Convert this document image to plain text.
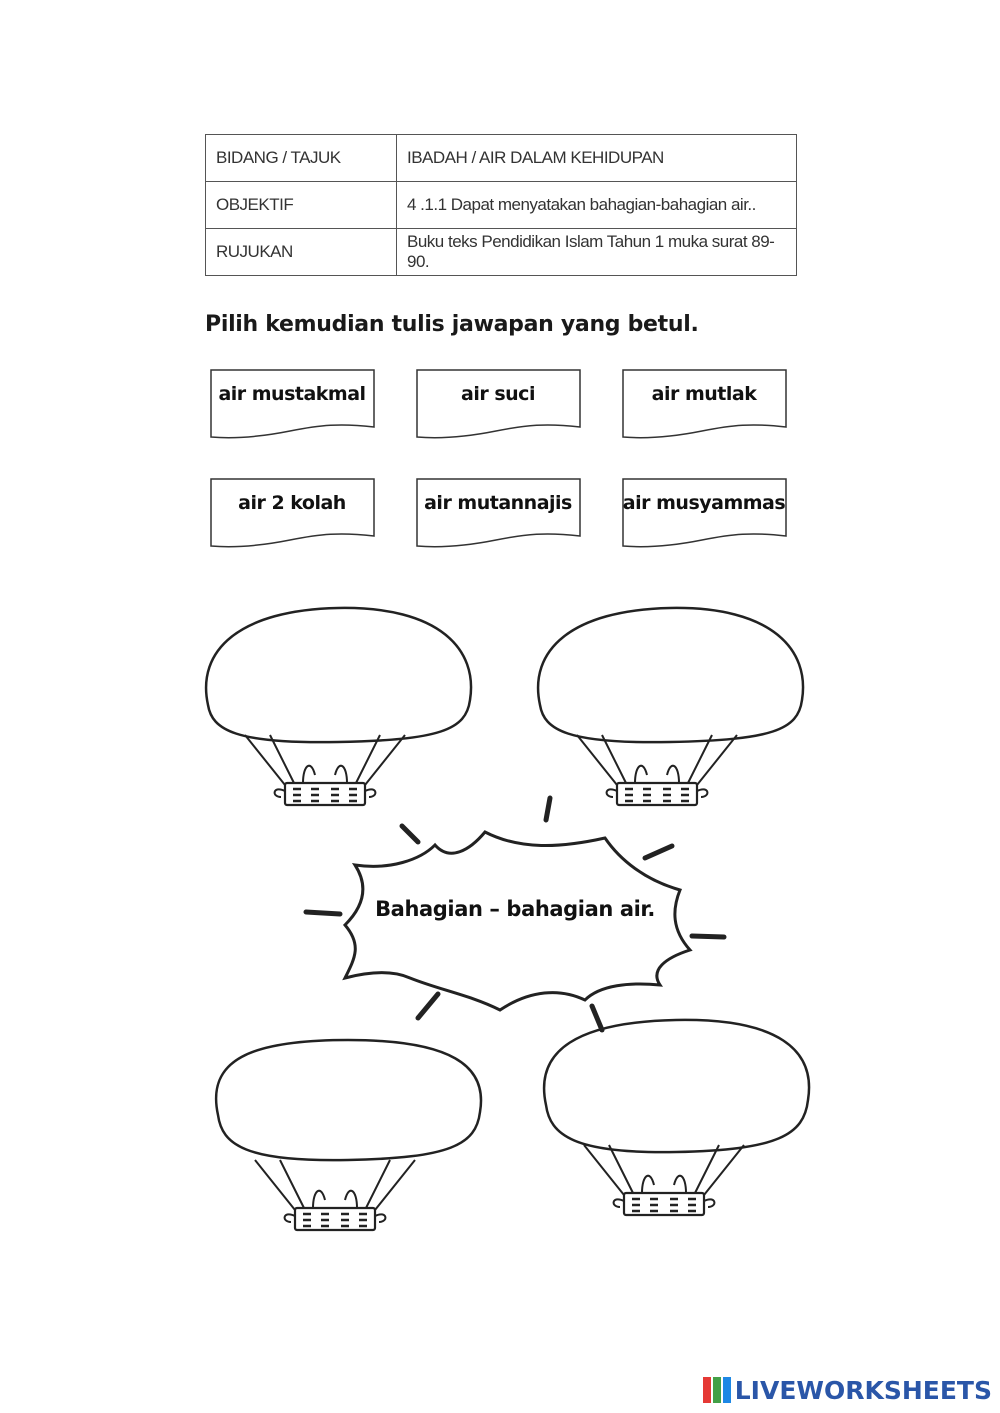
BIDANG / TAJUK	IBADAH / AIR DALAM KEHIDUPAN
OBJEKTIF	4 .1.1 Dapat menyatakan bahagian-bahagian air..
RUJUKAN	Buku teks Pendidikan Islam Tahun 1 muka surat 89-90.
Pilih kemudian tulis jawapan yang betul.
air mustakmal	air suci	air mutlak
air 2 kolah	air mutannajis	air musyammas
Bahagian – bahagian air.
LIVEWORKSHEETS
